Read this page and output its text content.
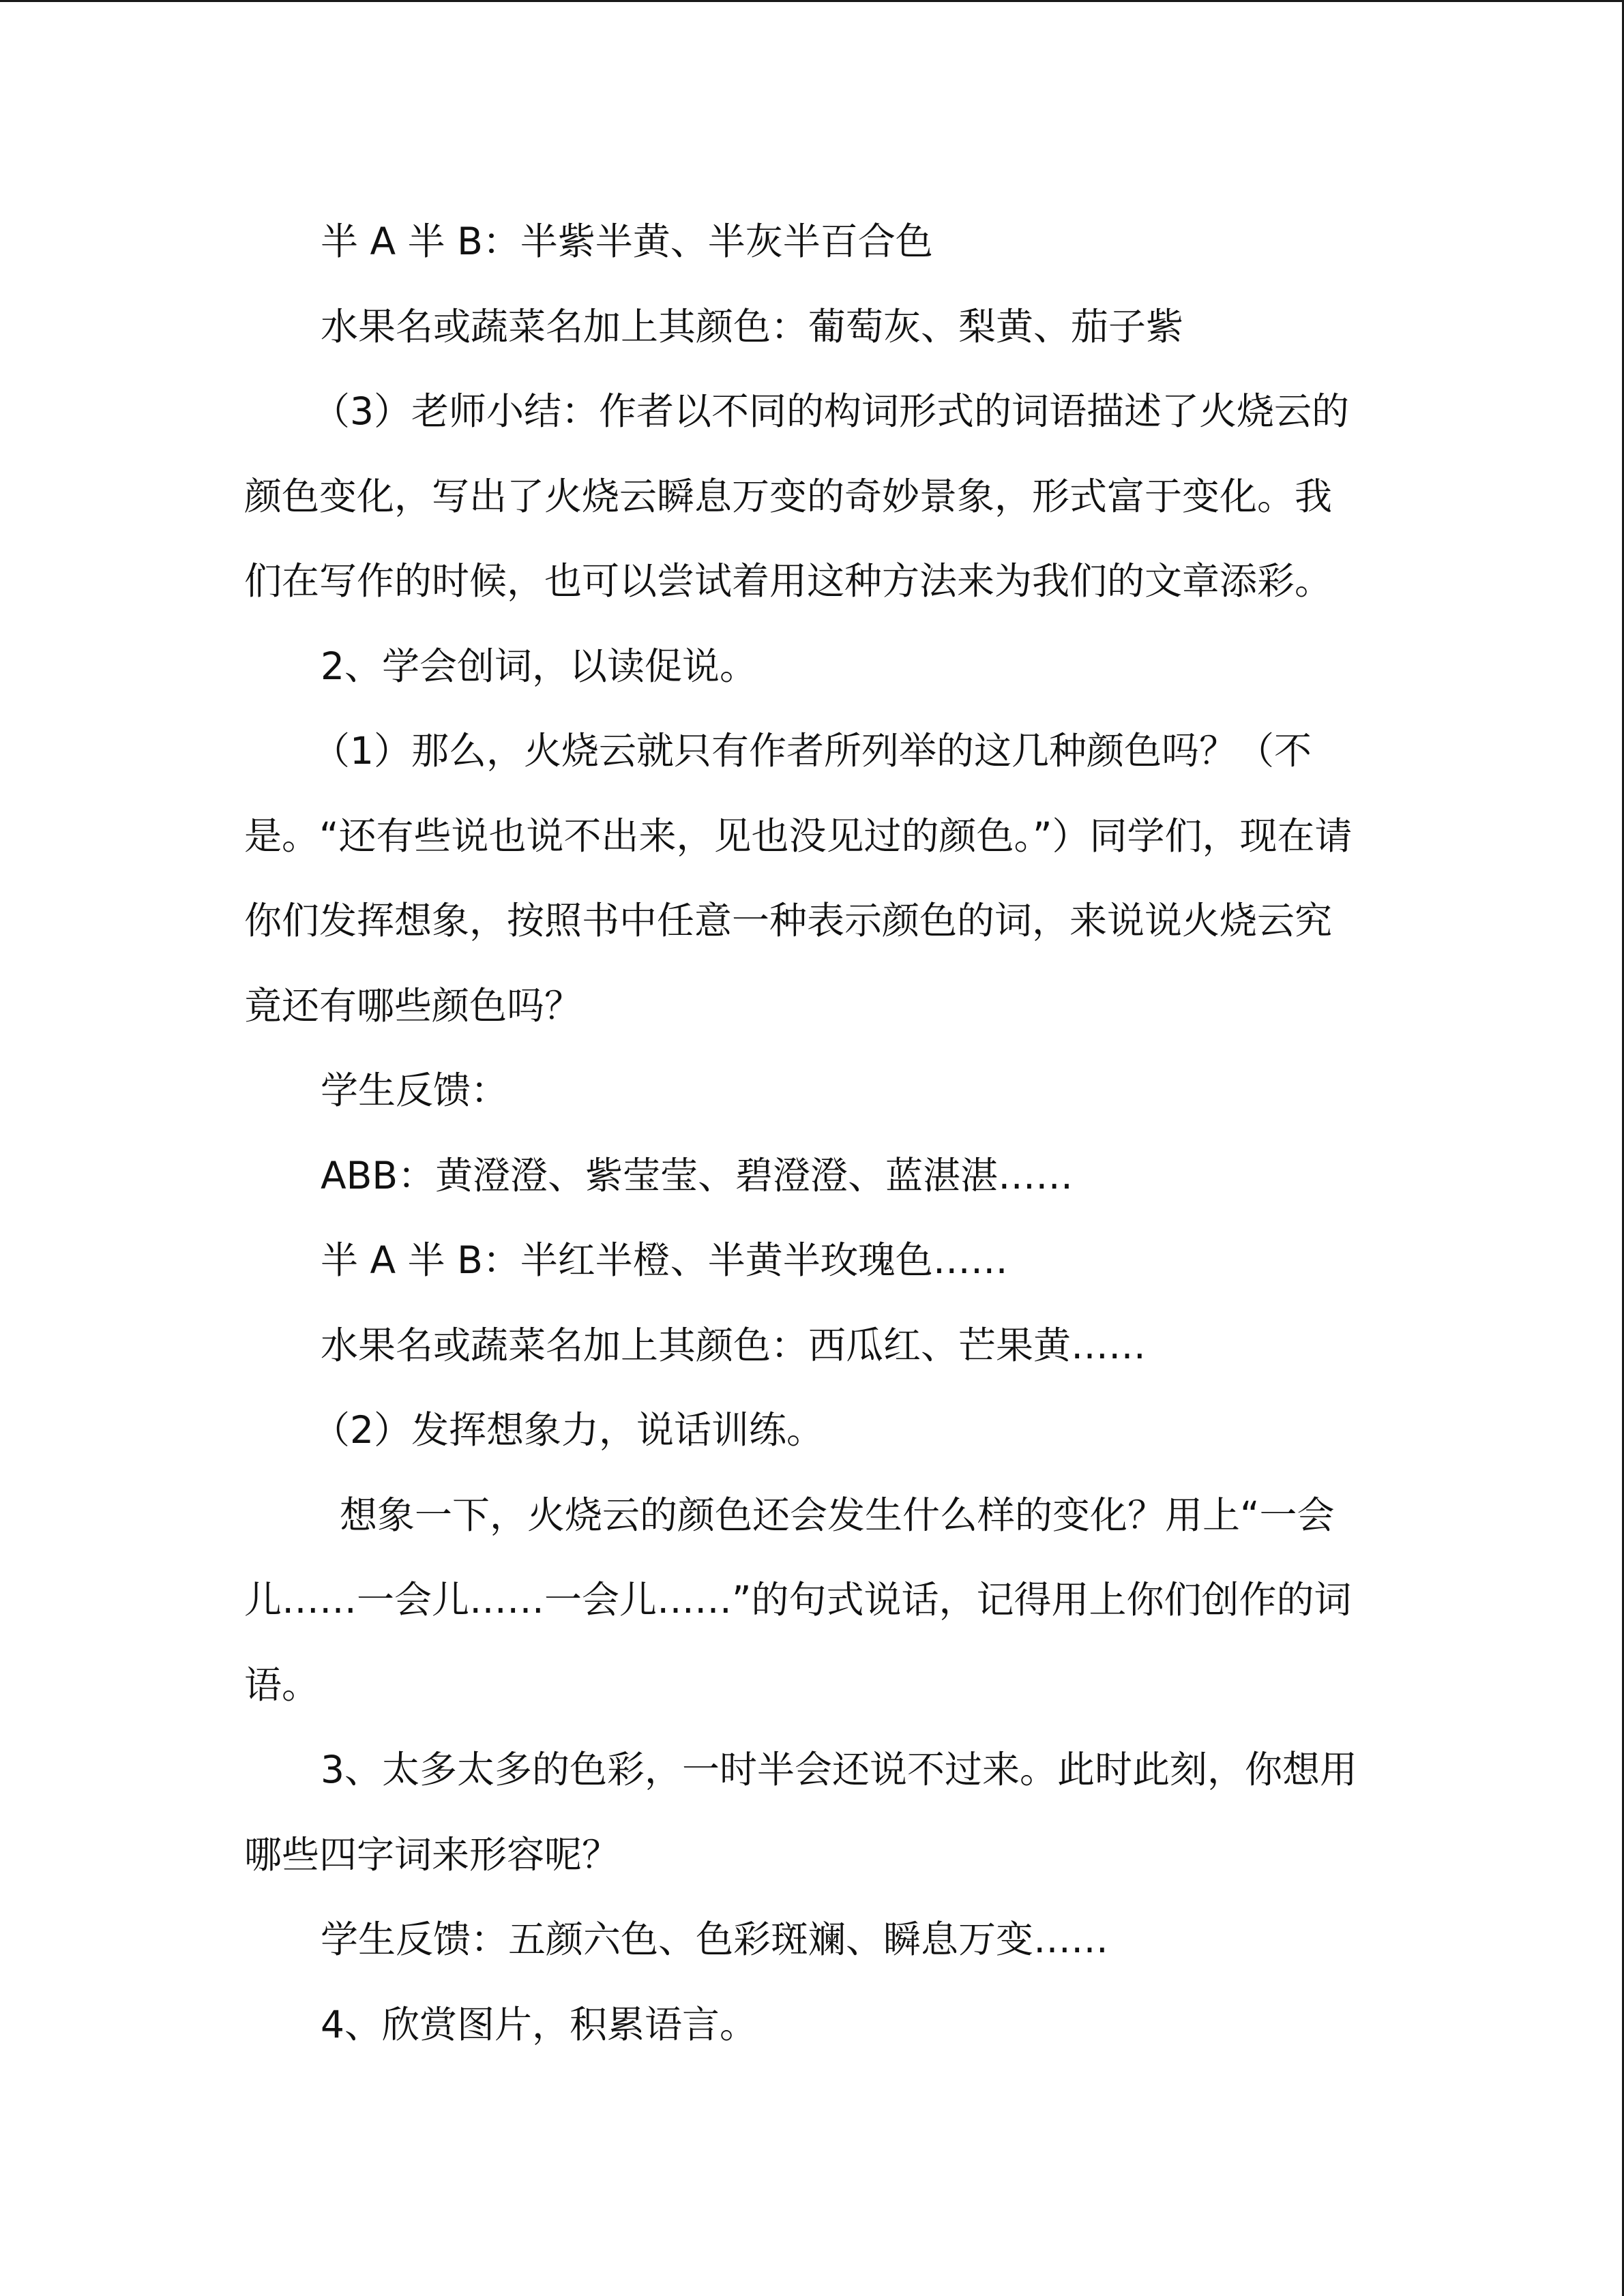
半 A 半 B：半紫半黄、半灰半百合色

水果名或蔬菜名加上其颜色：葡萄灰、梨黄、茄子紫

（3）老师小结：作者以不同的构词形式的词语描述了火烧云的

颜色变化，写出了火烧云瞬息万变的奇妙景象，形式富于变化。我

们在写作的时候，也可以尝试着用这种方法来为我们的文章添彩。

2、学会创词，以读促说。

（1）那么，火烧云就只有作者所列举的这几种颜色吗？（不

是。“还有些说也说不出来，见也没见过的颜色。”）同学们，现在请

你们发挥想象，按照书中任意一种表示颜色的词，来说说火烧云究

竟还有哪些颜色吗？

学生反馈：

ABB：黄澄澄、紫莹莹、碧澄澄、蓝湛湛……

半 A 半 B：半红半橙、半黄半玫瑰色……

水果名或蔬菜名加上其颜色：西瓜红、芒果黄……

（2）发挥想象力，说话训练。

想象一下，火烧云的颜色还会发生什么样的变化？用上“一会

儿……一会儿……一会儿……”的句式说话，记得用上你们创作的词

语。

3、太多太多的色彩，一时半会还说不过来。此时此刻，你想用

哪些四字词来形容呢？

学生反馈：五颜六色、色彩斑斓、瞬息万变……

4、欣赏图片，积累语言。
